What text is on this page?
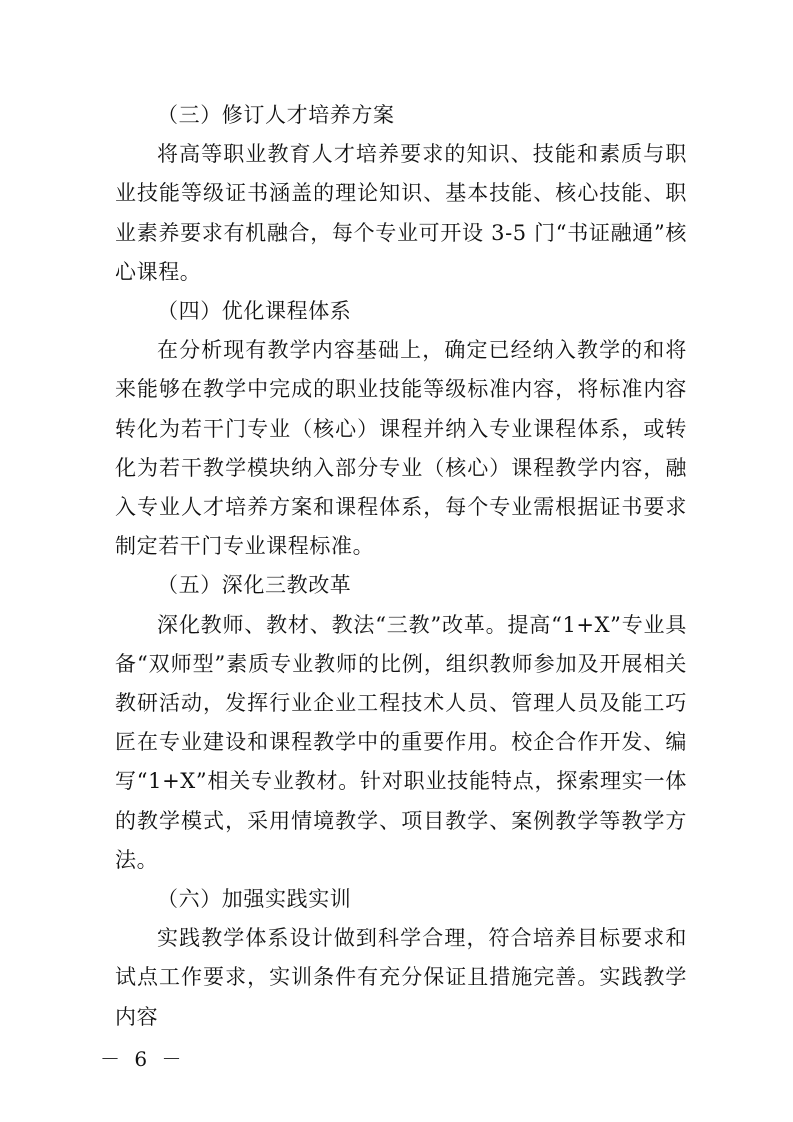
（三）修订人才培养方案

将高等职业教育人才培养要求的知识、技能和素质与职业技能等级证书涵盖的理论知识、基本技能、核心技能、职业素养要求有机融合，每个专业可开设 3-5 门“书证融通”核心课程。

（四）优化课程体系

在分析现有教学内容基础上，确定已经纳入教学的和将来能够在教学中完成的职业技能等级标准内容，将标准内容转化为若干门专业（核心）课程并纳入专业课程体系，或转化为若干教学模块纳入部分专业（核心）课程教学内容，融入专业人才培养方案和课程体系，每个专业需根据证书要求制定若干门专业课程标准。

（五）深化三教改革

深化教师、教材、教法“三教”改革。提高“1+X”专业具备“双师型”素质专业教师的比例，组织教师参加及开展相关教研活动，发挥行业企业工程技术人员、管理人员及能工巧匠在专业建设和课程教学中的重要作用。校企合作开发、编写“1+X”相关专业教材。针对职业技能特点，探索理实一体的教学模式，采用情境教学、项目教学、案例教学等教学方法。

（六）加强实践实训

实践教学体系设计做到科学合理，符合培养目标要求和试点工作要求，实训条件有充分保证且措施完善。实践教学内容

－ 6 －
